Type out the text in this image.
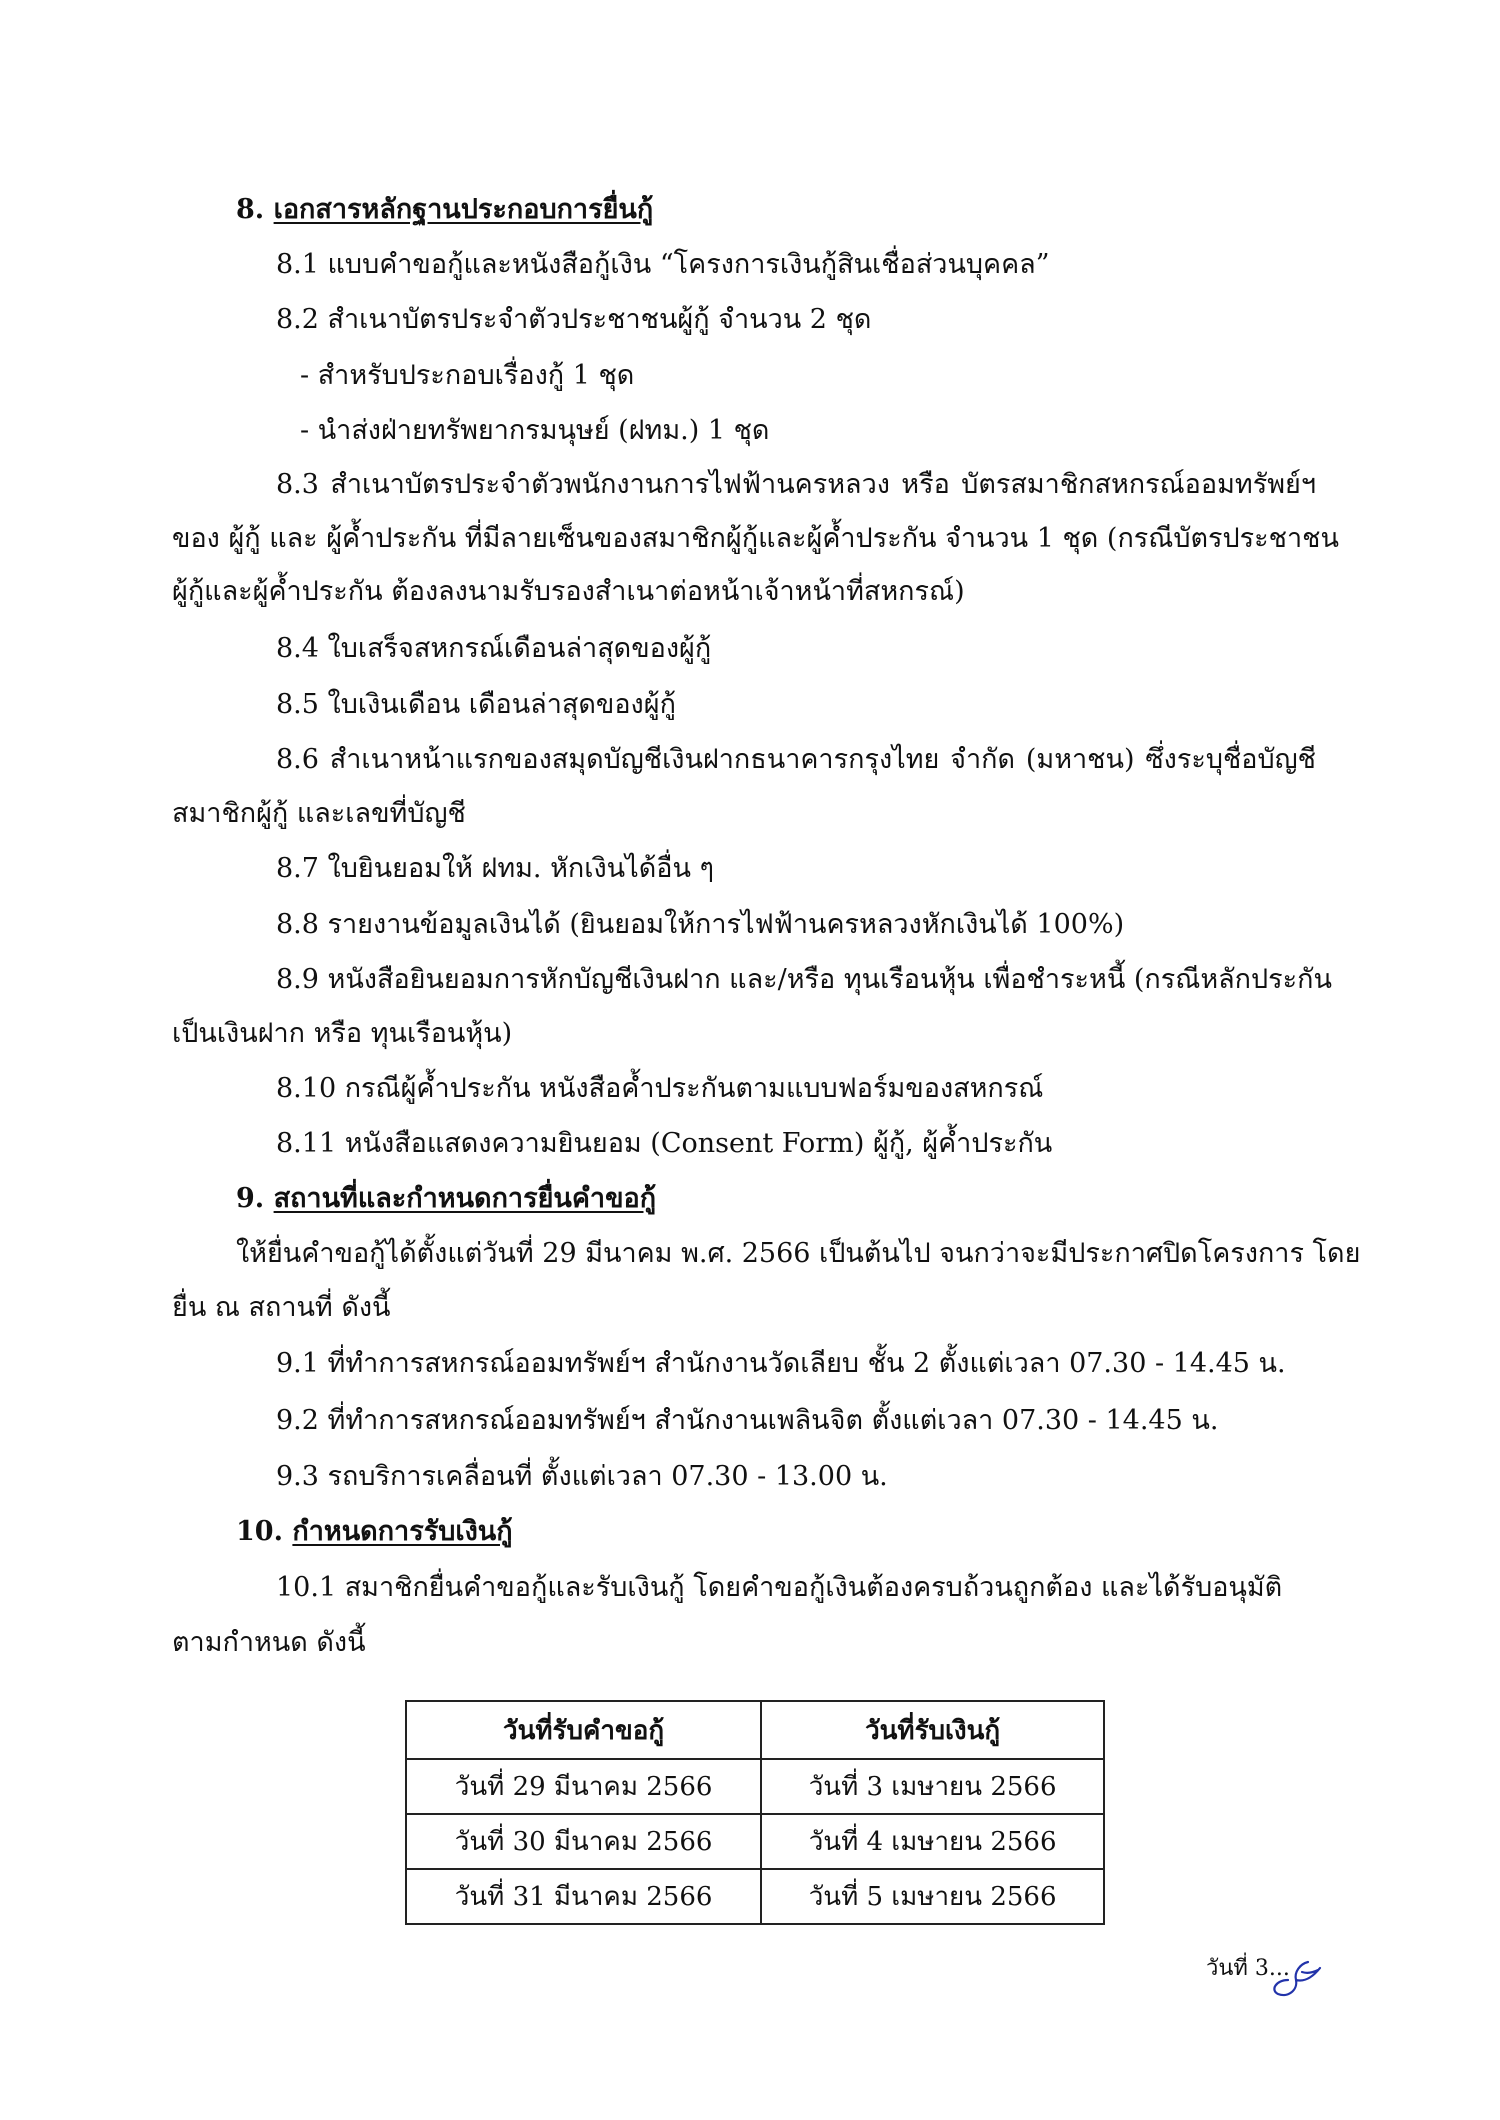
8. เอกสารหลักฐานประกอบการยื่นกู้
8.1 แบบคำขอกู้และหนังสือกู้เงิน “โครงการเงินกู้สินเชื่อส่วนบุคคล”
8.2 สำเนาบัตรประจำตัวประชาชนผู้กู้ จำนวน 2 ชุด
- สำหรับประกอบเรื่องกู้ 1 ชุด
- นำส่งฝ่ายทรัพยากรมนุษย์ (ฝทม.) 1 ชุด
8.3 สำเนาบัตรประจำตัวพนักงานการไฟฟ้านครหลวง หรือ บัตรสมาชิกสหกรณ์ออมทรัพย์ฯ
ของ ผู้กู้ และ ผู้ค้ำประกัน ที่มีลายเซ็นของสมาชิกผู้กู้และผู้ค้ำประกัน จำนวน 1 ชุด (กรณีบัตรประชาชน
ผู้กู้และผู้ค้ำประกัน ต้องลงนามรับรองสำเนาต่อหน้าเจ้าหน้าที่สหกรณ์)
8.4 ใบเสร็จสหกรณ์เดือนล่าสุดของผู้กู้
8.5 ใบเงินเดือน เดือนล่าสุดของผู้กู้
8.6 สำเนาหน้าแรกของสมุดบัญชีเงินฝากธนาคารกรุงไทย จำกัด (มหาชน) ซึ่งระบุชื่อบัญชี
สมาชิกผู้กู้ และเลขที่บัญชี
8.7 ใบยินยอมให้ ฝทม. หักเงินได้อื่น ๆ
8.8 รายงานข้อมูลเงินได้ (ยินยอมให้การไฟฟ้านครหลวงหักเงินได้ 100%)
8.9 หนังสือยินยอมการหักบัญชีเงินฝาก และ/หรือ ทุนเรือนหุ้น เพื่อชำระหนี้ (กรณีหลักประกัน
เป็นเงินฝาก หรือ ทุนเรือนหุ้น)
8.10 กรณีผู้ค้ำประกัน หนังสือค้ำประกันตามแบบฟอร์มของสหกรณ์
8.11 หนังสือแสดงความยินยอม (Consent Form) ผู้กู้, ผู้ค้ำประกัน
9. สถานที่และกำหนดการยื่นคำขอกู้
ให้ยื่นคำขอกู้ได้ตั้งแต่วันที่ 29 มีนาคม พ.ศ. 2566 เป็นต้นไป จนกว่าจะมีประกาศปิดโครงการ โดย
ยื่น ณ สถานที่ ดังนี้
9.1 ที่ทำการสหกรณ์ออมทรัพย์ฯ สำนักงานวัดเลียบ ชั้น 2 ตั้งแต่เวลา 07.30 - 14.45 น.
9.2 ที่ทำการสหกรณ์ออมทรัพย์ฯ สำนักงานเพลินจิต ตั้งแต่เวลา 07.30 - 14.45 น.
9.3 รถบริการเคลื่อนที่ ตั้งแต่เวลา 07.30 - 13.00 น.
10. กำหนดการรับเงินกู้
10.1 สมาชิกยื่นคำขอกู้และรับเงินกู้ โดยคำขอกู้เงินต้องครบถ้วนถูกต้อง และได้รับอนุมัติ
ตามกำหนด ดังนี้
วันที่รับคำขอกู้	วันที่รับเงินกู้
วันที่ 29 มีนาคม 2566	วันที่ 3 เมษายน 2566
วันที่ 30 มีนาคม 2566	วันที่ 4 เมษายน 2566
วันที่ 31 มีนาคม 2566	วันที่ 5 เมษายน 2566
วันที่ 3...
